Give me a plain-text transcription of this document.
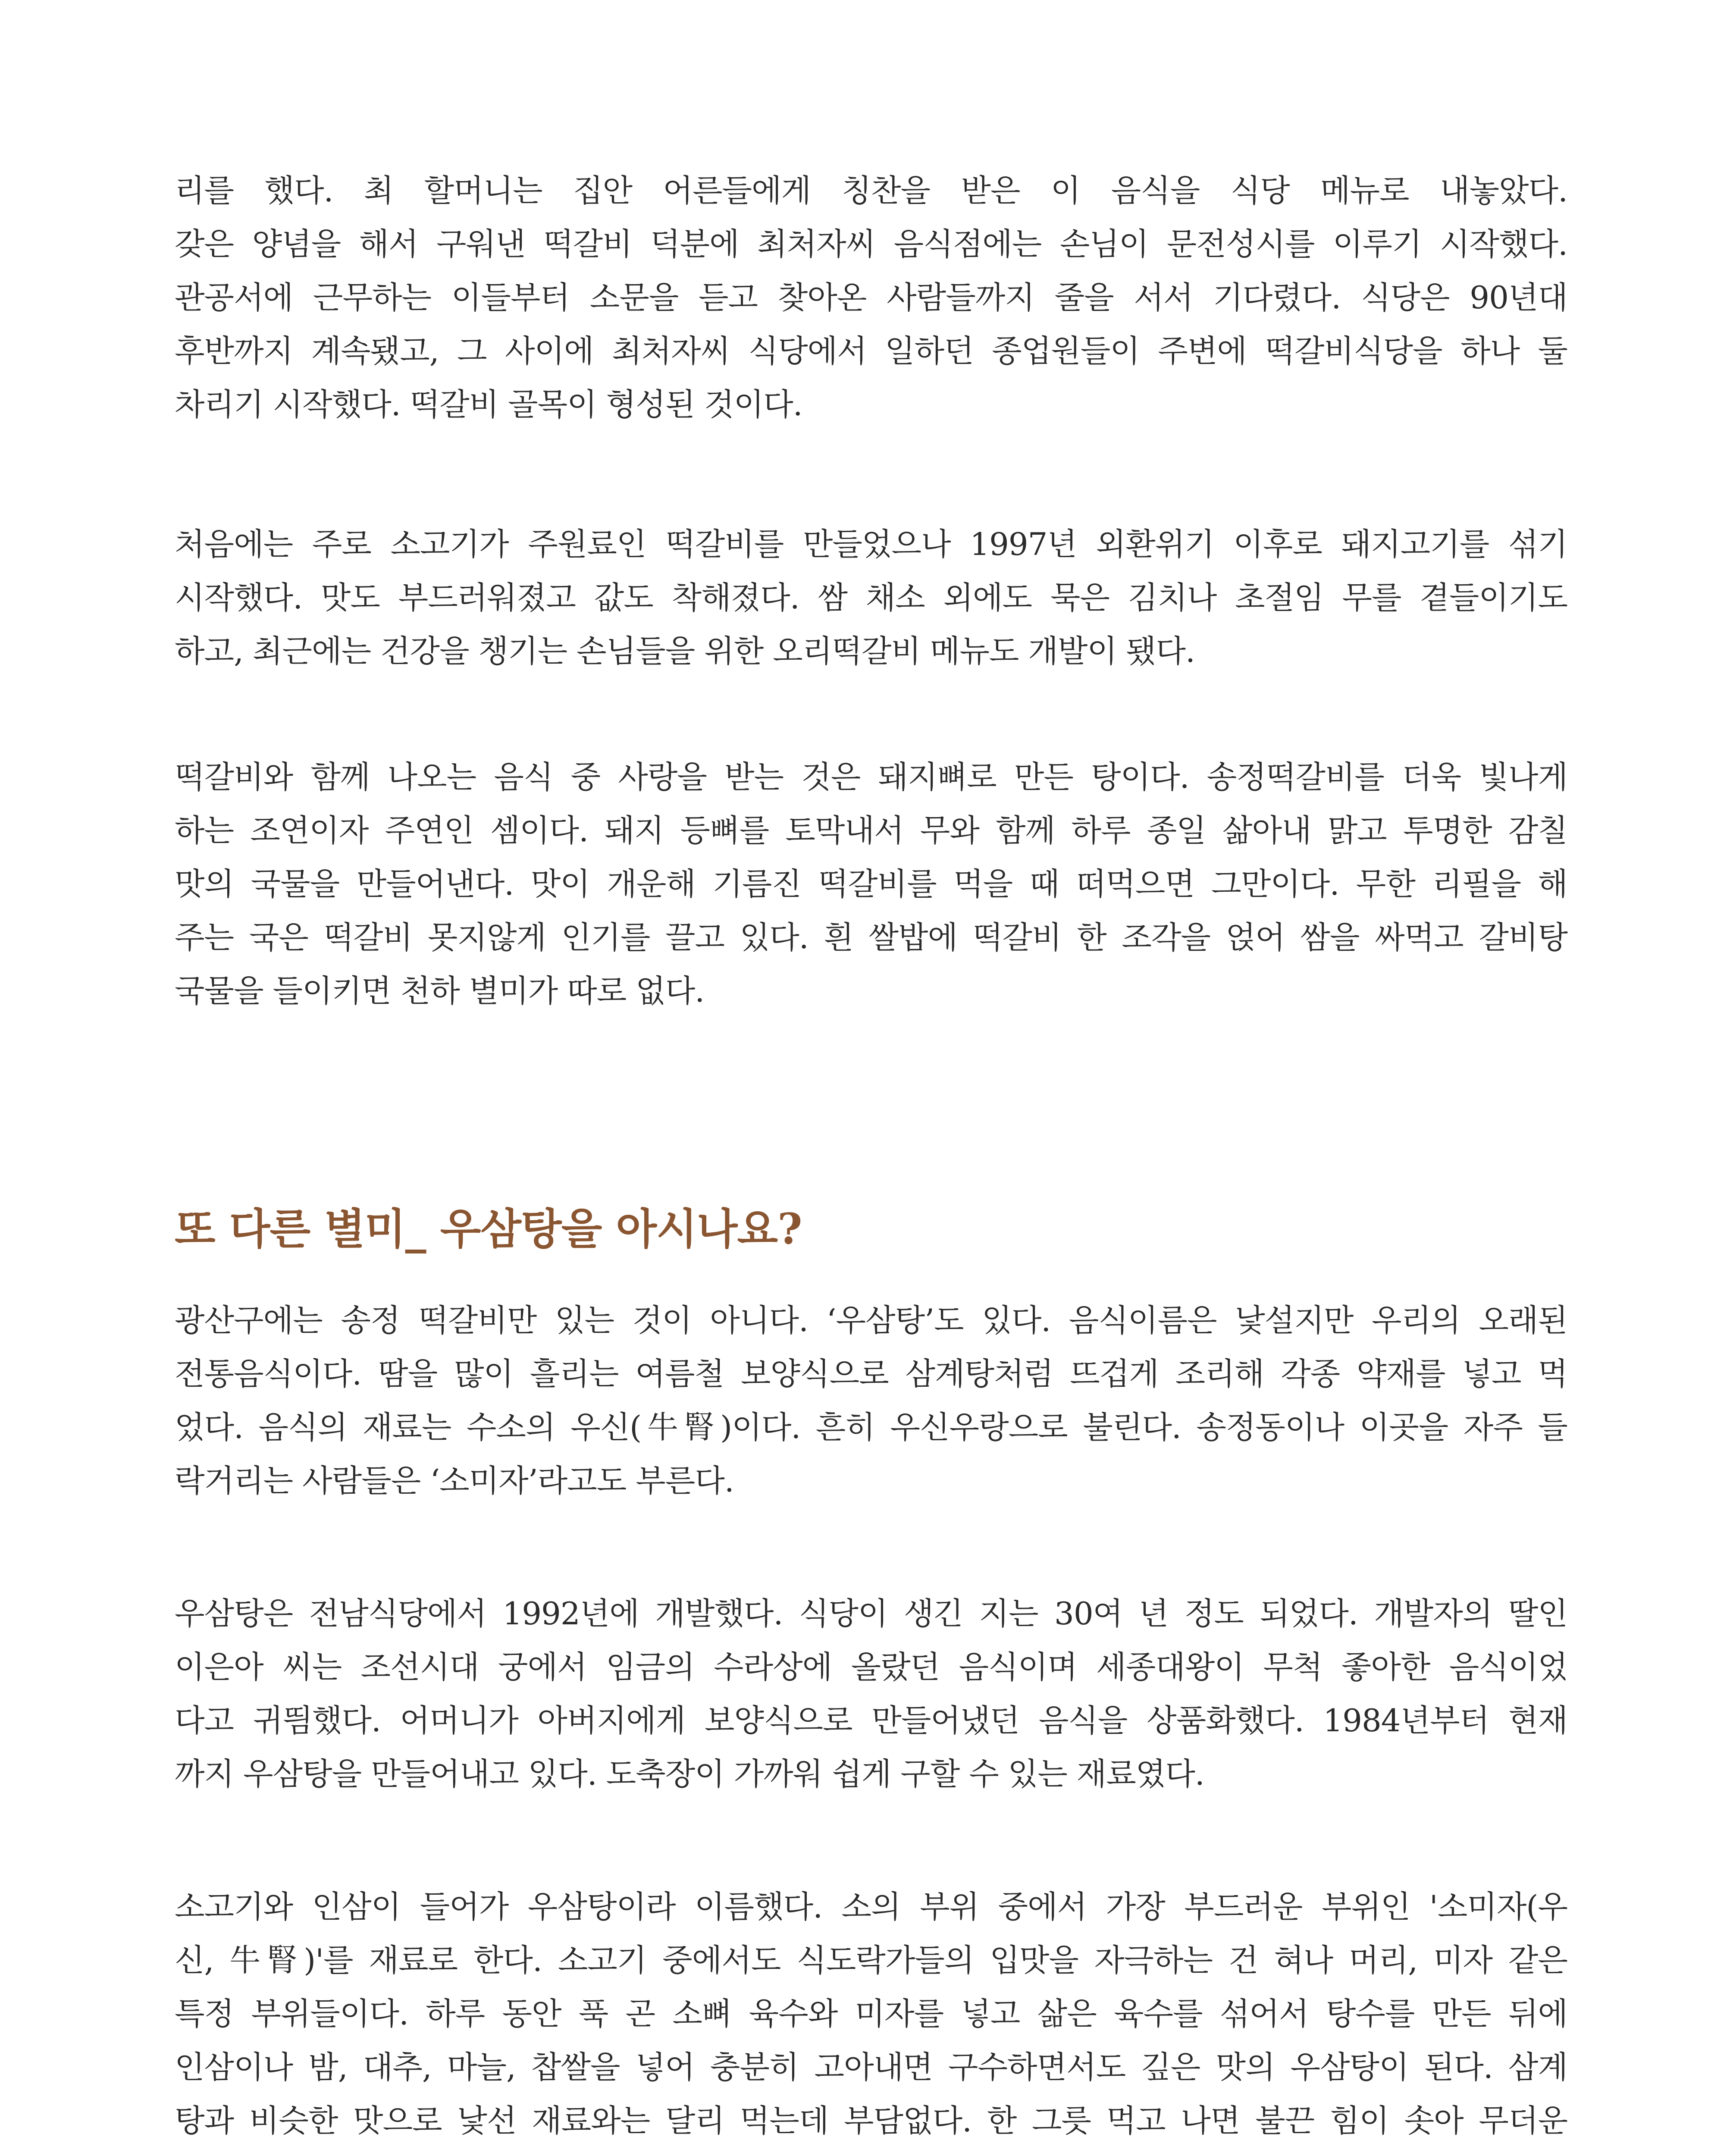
리를 했다. 최 할머니는 집안 어른들에게 칭찬을 받은 이 음식을 식당 메뉴로 내놓았다.
갖은 양념을 해서 구워낸 떡갈비 덕분에 최처자씨 음식점에는 손님이 문전성시를 이루기 시작했다.
관공서에 근무하는 이들부터 소문을 듣고 찾아온 사람들까지 줄을 서서 기다렸다. 식당은 90년대
후반까지 계속됐고, 그 사이에 최처자씨 식당에서 일하던 종업원들이 주변에 떡갈비식당을 하나 둘
차리기 시작했다. 떡갈비 골목이 형성된 것이다.
처음에는 주로 소고기가 주원료인 떡갈비를 만들었으나 1997년 외환위기 이후로 돼지고기를 섞기
시작했다. 맛도 부드러워졌고 값도 착해졌다. 쌈 채소 외에도 묵은 김치나 초절임 무를 곁들이기도
하고, 최근에는 건강을 챙기는 손님들을 위한 오리떡갈비 메뉴도 개발이 됐다.
떡갈비와 함께 나오는 음식 중 사랑을 받는 것은 돼지뼈로 만든 탕이다. 송정떡갈비를 더욱 빛나게
하는 조연이자 주연인 셈이다. 돼지 등뼈를 토막내서 무와 함께 하루 종일 삶아내 맑고 투명한 감칠
맛의 국물을 만들어낸다. 맛이 개운해 기름진 떡갈비를 먹을 때 떠먹으면 그만이다. 무한 리필을 해
주는 국은 떡갈비 못지않게 인기를 끌고 있다. 흰 쌀밥에 떡갈비 한 조각을 얹어 쌈을 싸먹고 갈비탕
국물을 들이키면 천하 별미가 따로 없다.
또 다른 별미_ 우삼탕을 아시나요?
광산구에는 송정 떡갈비만 있는 것이 아니다. ‘우삼탕’도 있다. 음식이름은 낯설지만 우리의 오래된
전통음식이다. 땀을 많이 흘리는 여름철 보양식으로 삼계탕처럼 뜨겁게 조리해 각종 약재를 넣고 먹
었다. 음식의 재료는 수소의 우신(牛腎)이다. 흔히 우신우랑으로 불린다. 송정동이나 이곳을 자주 들
락거리는 사람들은 ‘소미자’라고도 부른다.
우삼탕은 전남식당에서 1992년에 개발했다. 식당이 생긴 지는 30여 년 정도 되었다. 개발자의 딸인
이은아 씨는 조선시대 궁에서 임금의 수라상에 올랐던 음식이며 세종대왕이 무척 좋아한 음식이었
다고 귀띔했다. 어머니가 아버지에게 보양식으로 만들어냈던 음식을 상품화했다. 1984년부터 현재
까지 우삼탕을 만들어내고 있다. 도축장이 가까워 쉽게 구할 수 있는 재료였다.
소고기와 인삼이 들어가 우삼탕이라 이름했다. 소의 부위 중에서 가장 부드러운 부위인 '소미자(우
신, 牛腎)'를 재료로 한다. 소고기 중에서도 식도락가들의 입맛을 자극하는 건 혀나 머리, 미자 같은
특정 부위들이다. 하루 동안 푹 곤 소뼈 육수와 미자를 넣고 삶은 육수를 섞어서 탕수를 만든 뒤에
인삼이나 밤, 대추, 마늘, 찹쌀을 넣어 충분히 고아내면 구수하면서도 깊은 맛의 우삼탕이 된다. 삼계
탕과 비슷한 맛으로 낯선 재료와는 달리 먹는데 부담없다. 한 그릇 먹고 나면 불끈 힘이 솟아 무더운
